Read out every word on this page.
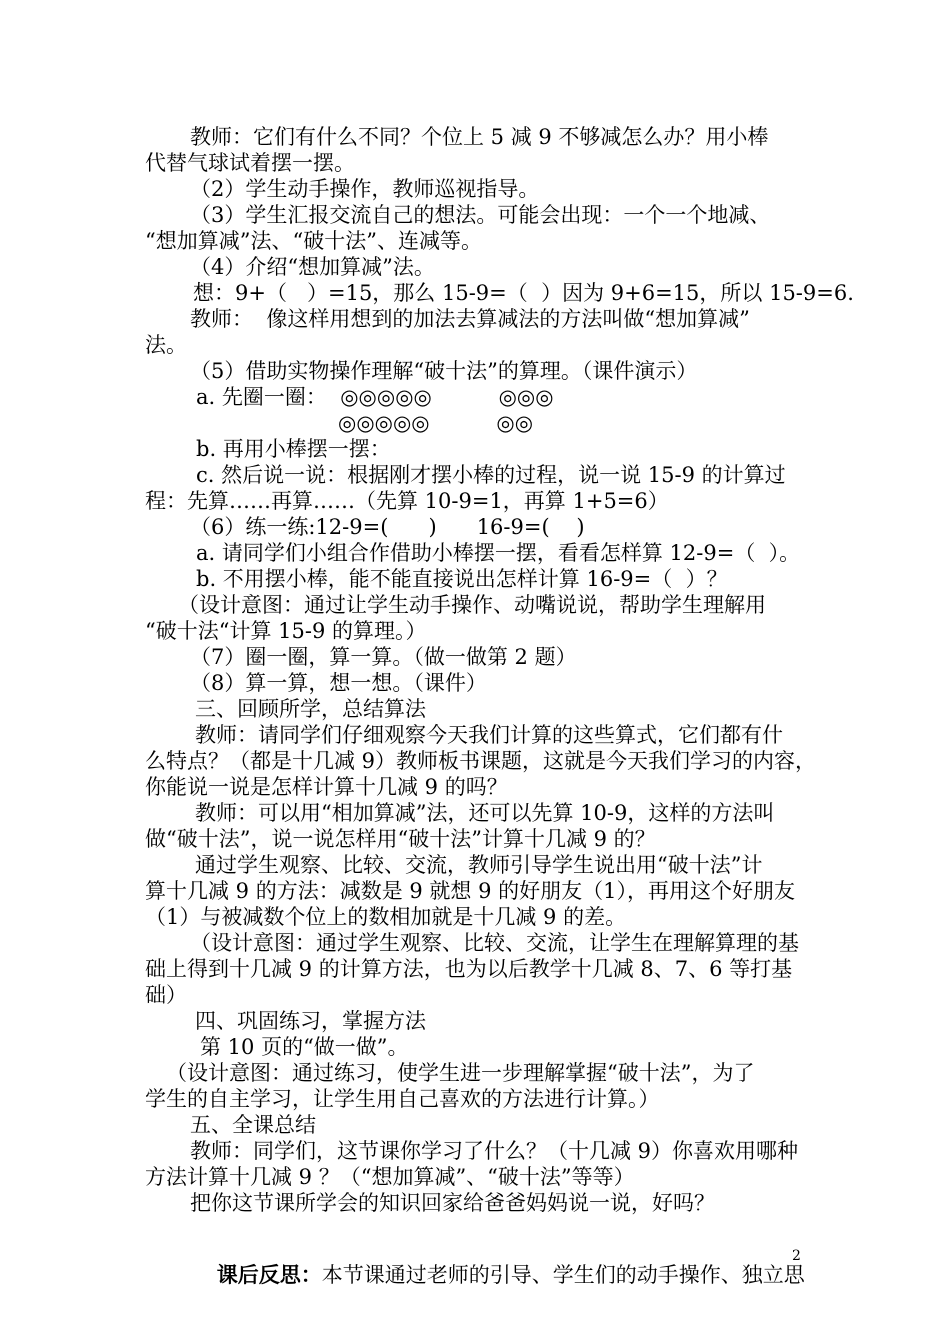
教师：它们有什么不同？个位上 5 减 9 不够减怎么办？用小棒
代替气球试着摆一摆。
（2）学生动手操作，教师巡视指导。
（3）学生汇报交流自己的想法。可能会出现：一个一个地减、
“想加算减”法、“破十法”、连减等。
（4）介绍“想加算减”法。
想：9+（   ）=15，那么 15-9=（  ）因为 9+6=15，所以 15-9=6.
教师：  像这样用想到的加法去算减法的方法叫做“想加算减”
法。
（5）借助实物操作理解“破十法”的算理。（课件演示）
a. 先圈一圈：  ◎◎◎◎◎          ◎◎◎
◎◎◎◎◎          ◎◎
b. 再用小棒摆一摆：
c. 然后说一说：根据刚才摆小棒的过程，说一说 15-9 的计算过
程：先算……再算……（先算 10-9=1，再算 1+5=6）
（6）练一练:12-9=(      )      16-9=(    )
a. 请同学们小组合作借助小棒摆一摆，看看怎样算 12-9=（  ）。
b. 不用摆小棒，能不能直接说出怎样计算 16-9=（  ）？
（设计意图：通过让学生动手操作、动嘴说说，帮助学生理解用
“破十法“计算 15-9 的算理。）
（7）圈一圈，算一算。（做一做第 2 题）
（8）算一算，想一想。（课件）
三、回顾所学，总结算法
教师：请同学们仔细观察今天我们计算的这些算式，它们都有什
么特点？（都是十几减 9）教师板书课题，这就是今天我们学习的内容，
你能说一说是怎样计算十几减 9 的吗？
教师：可以用“相加算减”法，还可以先算 10-9，这样的方法叫
做“破十法”，说一说怎样用“破十法”计算十几减 9 的？
通过学生观察、比较、交流，教师引导学生说出用“破十法”计
算十几减 9 的方法：减数是 9 就想 9 的好朋友（1），再用这个好朋友
（1）与被减数个位上的数相加就是十几减 9 的差。
（设计意图：通过学生观察、比较、交流，让学生在理解算理的基
础上得到十几减 9 的计算方法，也为以后教学十几减 8、7、6 等打基
础）
四、巩固练习，掌握方法
第 10 页的“做一做”。
（设计意图：通过练习，使学生进一步理解掌握“破十法”，为了
学生的自主学习，让学生用自己喜欢的方法进行计算。）
五、全课总结
教师：同学们，这节课你学习了什么？（十几减 9）你喜欢用哪种
方法计算十几减 9 ？（“想加算减”、“破十法”等等）
把你这节课所学会的知识回家给爸爸妈妈说一说，好吗？

课后反思：本节课通过老师的引导、学生们的动手操作、独立思

2
